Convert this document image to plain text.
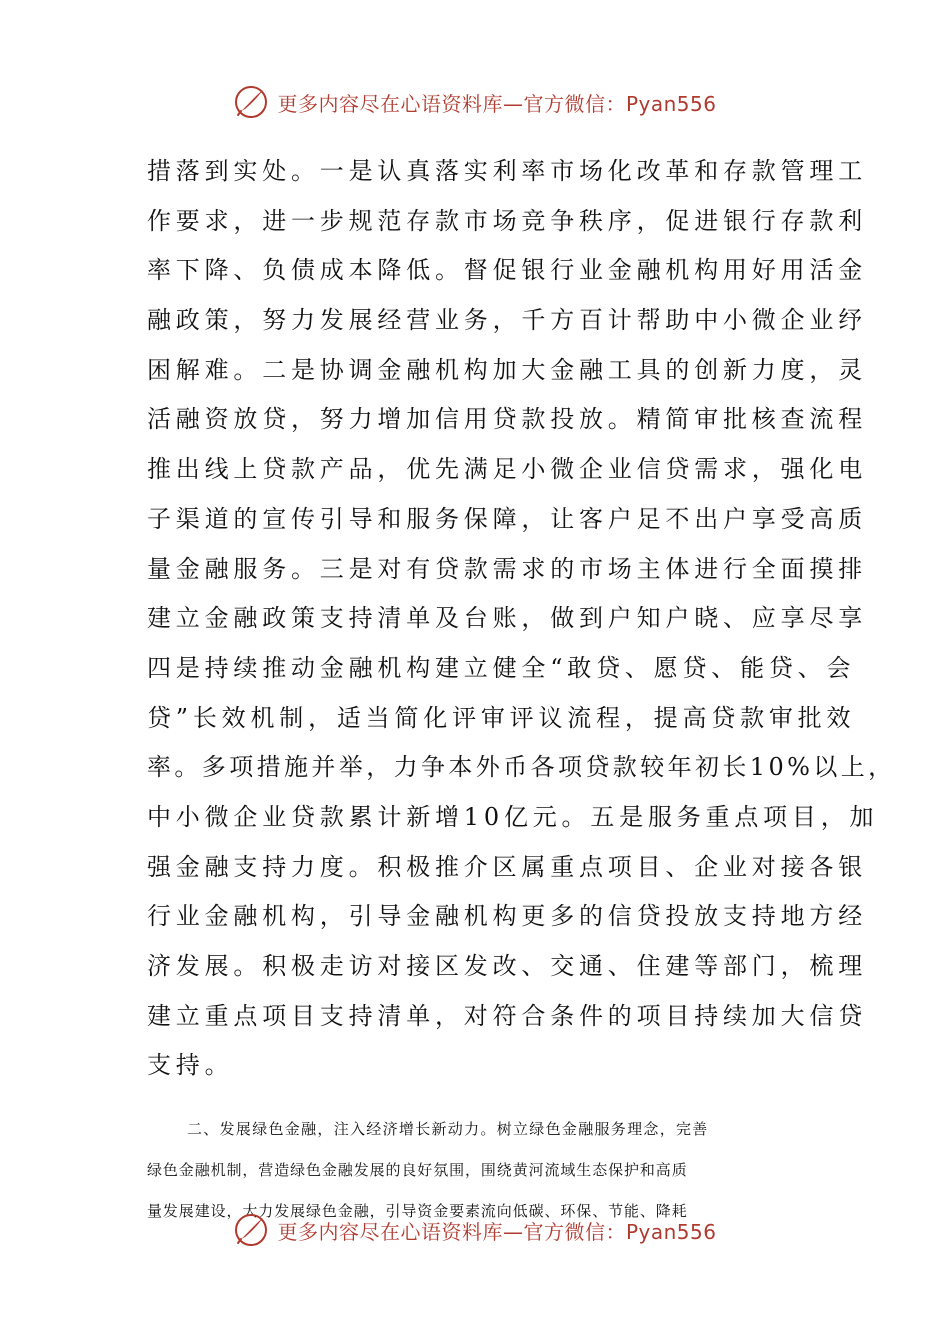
更多内容尽在心语资料库—官方微信：Pyan556

措落到实处。一是认真落实利率市场化改革和存款管理工

作要求，进一步规范存款市场竞争秩序，促进银行存款利

率下降、负债成本降低。督促银行业金融机构用好用活金

融政策，努力发展经营业务，千方百计帮助中小微企业纾

困解难。二是协调金融机构加大金融工具的创新力度，灵

活融资放贷，努力增加信用贷款投放。精简审批核查流程

推出线上贷款产品，优先满足小微企业信贷需求，强化电

子渠道的宣传引导和服务保障，让客户足不出户享受高质

量金融服务。三是对有贷款需求的市场主体进行全面摸排

建立金融政策支持清单及台账，做到户知户晓、应享尽享

四是持续推动金融机构建立健全“敢贷、愿贷、能贷、会

贷”长效机制，适当简化评审评议流程，提高贷款审批效

率。多项措施并举，力争本外币各项贷款较年初长10%以上，

中小微企业贷款累计新增10亿元。五是服务重点项目，加

强金融支持力度。积极推介区属重点项目、企业对接各银

行业金融机构，引导金融机构更多的信贷投放支持地方经

济发展。积极走访对接区发改、交通、住建等部门，梳理

建立重点项目支持清单，对符合条件的项目持续加大信贷

支持。

二、发展绿色金融，注入经济增长新动力。树立绿色金融服务理念，完善

绿色金融机制，营造绿色金融发展的良好氛围，围绕黄河流域生态保护和高质

量发展建设，大力发展绿色金融，引导资金要素流向低碳、环保、节能、降耗

更多内容尽在心语资料库—官方微信：Pyan556
